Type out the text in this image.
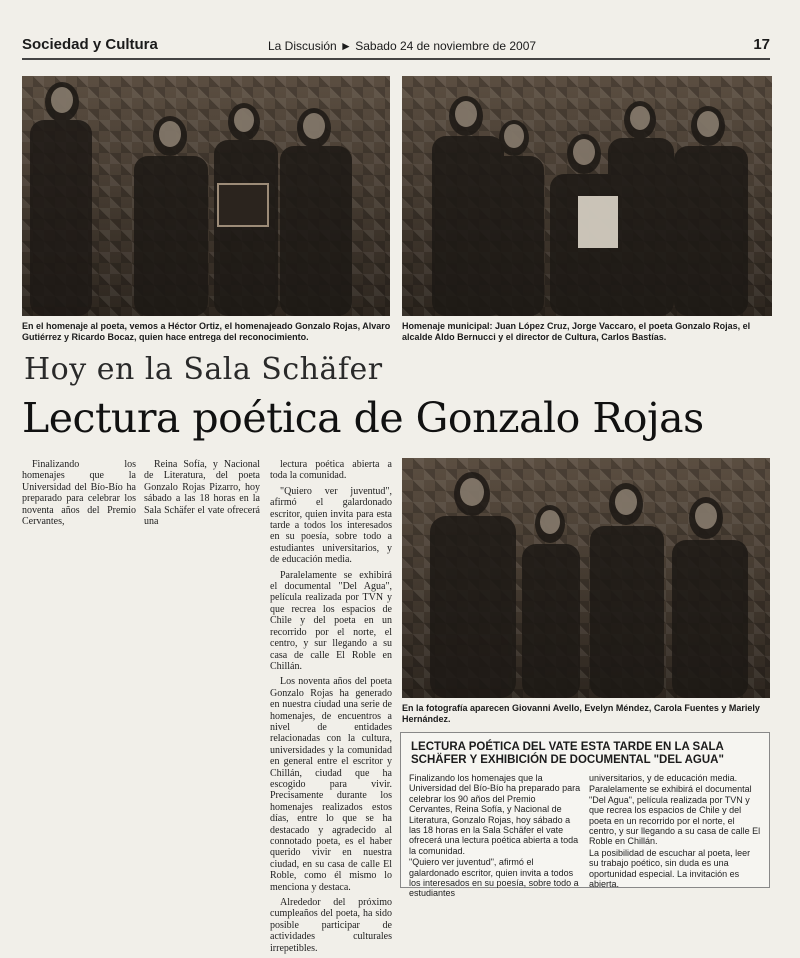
Sociedad y Cultura	La Discusión ► Sabado 24 de noviembre de 2007	17
En el homenaje al poeta, vemos a Héctor Ortiz, el homenajeado Gonzalo Rojas, Alvaro Gutiérrez y Ricardo Bocaz, quien hace entrega del reconocimiento.
Homenaje municipal: Juan López Cruz, Jorge Vaccaro, el poeta Gonzalo Rojas, el alcalde Aldo Bernucci y el director de Cultura, Carlos Bastías.
Hoy en la Sala Schäfer
Lectura poética de Gonzalo Rojas

Finalizando los homenajes que la Universidad del Bío-Bío ha preparado para celebrar los noventa años del Premio Cervantes,

Reina Sofía, y Nacional de Literatura, del poeta Gonzalo Rojas Pizarro, hoy sábado a las 18 horas en la Sala Schäfer el vate ofrecerá una

lectura poética abierta a toda la comunidad.

"Quiero ver juventud", afirmó el galardonado escritor, quien invita para esta tarde a todos los interesados en su poesía, sobre todo a estudiantes universitarios, y de educación media.

Paralelamente se exhibirá el documental "Del Agua", película realizada por TVN y que recrea los espacios de Chile y del poeta en un recorrido por el norte, el centro, y sur llegando a su casa de calle El Roble en Chillán.

Los noventa años del poeta Gonzalo Rojas ha generado en nuestra ciudad una serie de homenajes, de encuentros a nivel de entidades relacionadas con la cultura, universidades y la comunidad en general entre el escritor y Chillán, ciudad que ha escogido para vivir. Precisamente durante los homenajes realizados estos días, entre lo que se ha destacado y agradecido al connotado poeta, es el haber querido vivir en nuestra ciudad, en su casa de calle El Roble, como él mismo lo menciona y destaca.

Alrededor del próximo cumpleaños del poeta, ha sido posible participar de actividades culturales irrepetibles.

En la fotografía aparecen Giovanni Avello, Evelyn Méndez, Carola Fuentes y Mariely Hernández.
LECTURA POÉTICA DEL VATE ESTA TARDE EN LA SALA SCHÄFER Y EXHIBICIÓN DE DOCUMENTAL "DEL AGUA"

Finalizando los homenajes que la Universidad del Bío-Bío ha preparado para celebrar los 90 años del Premio Cervantes, Reina Sofía, y Nacional de Literatura, Gonzalo Rojas, hoy sábado a las 18 horas en la Sala Schäfer el vate ofrecerá una lectura poética abierta a toda la comunidad.

"Quiero ver juventud", afirmó el galardonado escritor, quien invita a todos los interesados en su poesía, sobre todo a estudiantes

universitarios, y de educación media.

Paralelamente se exhibirá el documental "Del Agua", película realizada por TVN y que recrea los espacios de Chile y del poeta en un recorrido por el norte, el centro, y sur llegando a su casa de calle El Roble en Chillán.

La posibilidad de escuchar al poeta, leer su trabajo poético, sin duda es una oportunidad especial. La invitación es abierta.
